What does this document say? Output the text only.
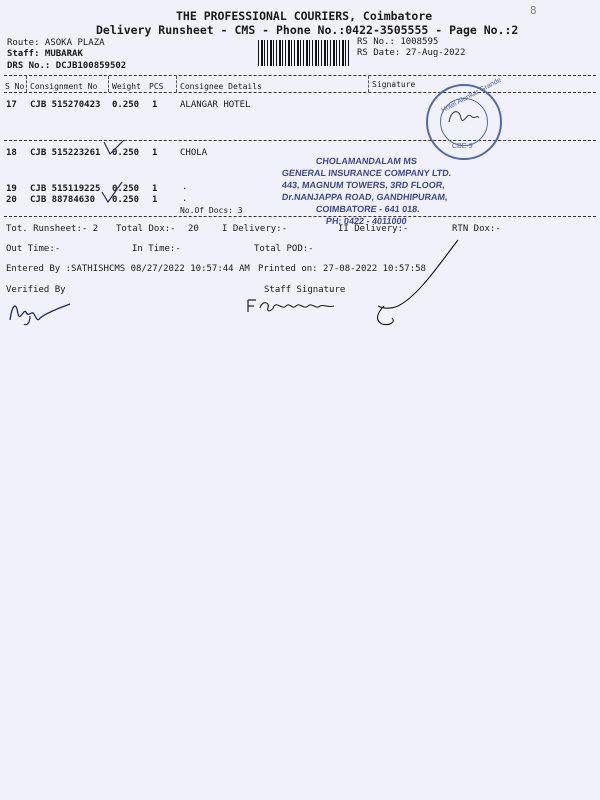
THE PROFESSIONAL COURIERS, Coimbatore
Delivery Runsheet - CMS - Phone No.:0422-3505555 - Page No.:2
8
Route: ASOKA PLAZA
Staff: MUBARAK
DRS No.: DCJB100859502
RS No.: 1008595
RS Date: 27-Aug-2022
S No Consignment No Weight PCS Consignee Details	Signature
17 CJB 515270423 0.250 1	ALANGAR HOTEL
18 CJB 515223261 0.250 1	CHOLA
19 CJB 515119225 0.250 1	.
20 CJB 88784630 0.250 1	.
No.Of Docs: 3
Hotel Alankar Grande
CBE-9
CHOLAMANDALAM MS
GENERAL INSURANCE COMPANY LTD.
443, MAGNUM TOWERS, 3RD FLOOR,
Dr.NANJAPPA ROAD, GANDHIPURAM,
COIMBATORE - 641 018.
PH: 0422 - 4011000
Tot. Runsheet:- 2 Total Dox:- 20	I Delivery:-	II Delivery:-	RTN Dox:-
Out Time:-	In Time:-	Total POD:-
Entered By :SATHISHCMS 08/27/2022 10:57:44 AM Printed on: 27-08-2022 10:57:58
Verified By	Staff Signature
